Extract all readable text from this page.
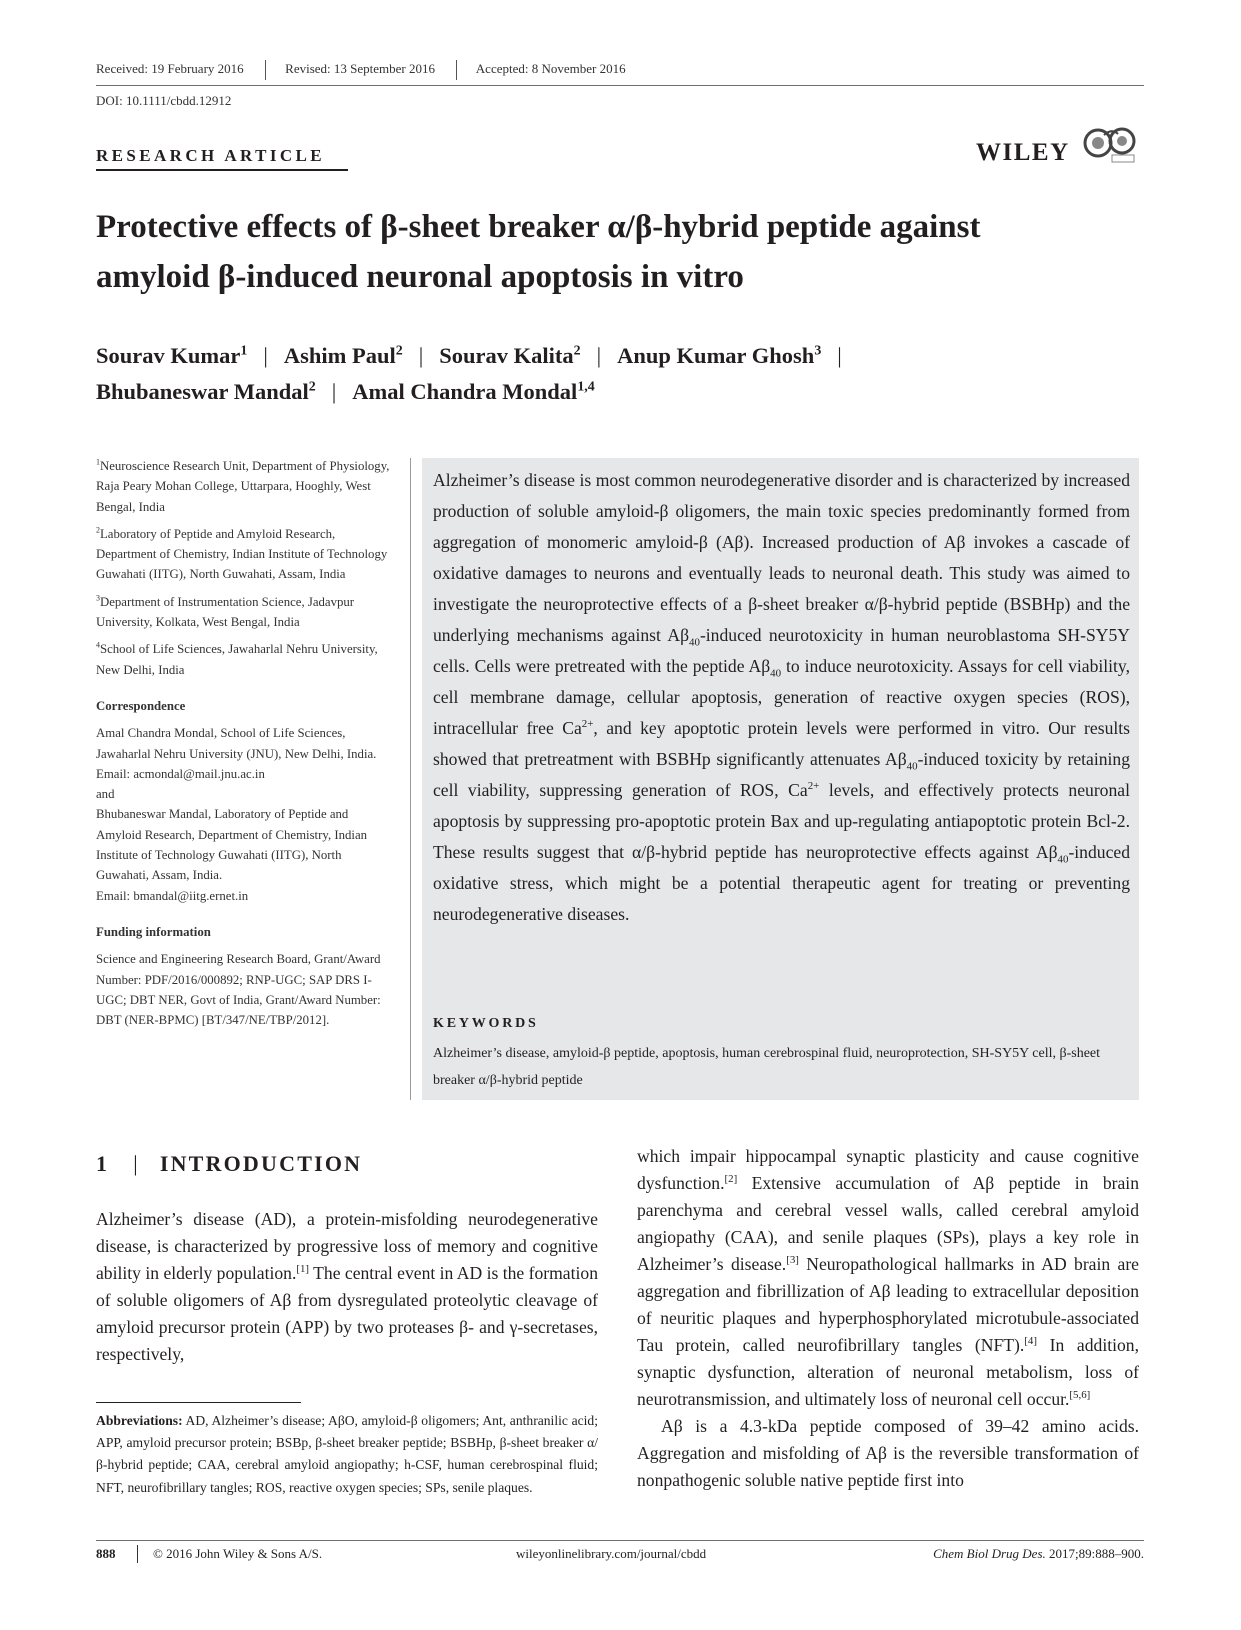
Received: 19 February 2016	Revised: 13 September 2016	Accepted: 8 November 2016
DOI: 10.1111/cbdd.12912
RESEARCH ARTICLE	WILEY
Protective effects of β-sheet breaker α/β-hybrid peptide against
amyloid β-induced neuronal apoptosis in vitro
Sourav Kumar$^1$ | Ashim Paul$^2$ | Sourav Kalita$^2$ | Anup Kumar Ghosh$^3$ |
Bhubaneswar Mandal$^2$ | Amal Chandra Mondal$^{1,4}$

$^1$Neuroscience Research Unit, Department of Physiology, Raja Peary Mohan College, Uttarpara, Hooghly, West Bengal, India

$^2$Laboratory of Peptide and Amyloid Research, Department of Chemistry, Indian Institute of Technology Guwahati (IITG), North Guwahati, Assam, India

$^3$Department of Instrumentation Science, Jadavpur University, Kolkata, West Bengal, India

$^4$School of Life Sciences, Jawaharlal Nehru University, New Delhi, India

Correspondence

Amal Chandra Mondal, School of Life Sciences, Jawaharlal Nehru University (JNU), New Delhi, India.

Email: acmondal@mail.jnu.ac.in

and

Bhubaneswar Mandal, Laboratory of Peptide and Amyloid Research, Department of Chemistry, Indian Institute of Technology Guwahati (IITG), North Guwahati, Assam, India.

Email: bmandal@iitg.ernet.in

Funding information

Science and Engineering Research Board, Grant/Award Number: PDF/2016/000892; RNP-UGC; SAP DRS I-UGC; DBT NER, Govt of India, Grant/Award Number: DBT (NER-BPMC) [BT/347/NE/TBP/2012].

Alzheimer’s disease is most common neurodegenerative disorder and is characterized by increased production of soluble amyloid-β oligomers, the main toxic species predominantly formed from aggregation of monomeric amyloid-β (Aβ). Increased production of Aβ invokes a cascade of oxidative damages to neurons and eventually leads to neuronal death. This study was aimed to investigate the neuroprotective effects of a β-sheet breaker α/β-hybrid peptide (BSBHp) and the underlying mechanisms against $A\beta_{40}$-induced neurotoxicity in human neuroblastoma SH-SY5Y cells. Cells were pretreated with the peptide $A\beta_{40}$ to induce neurotoxicity. Assays for cell viability, cell membrane damage, cellular apoptosis, generation of reactive oxygen species (ROS), intracellular free $Ca^{2+}$, and key apoptotic protein levels were performed in vitro. Our results showed that pretreatment with BSBHp significantly attenuates $A\beta_{40}$-induced toxicity by retaining cell viability, suppressing generation of ROS, $Ca^{2+}$ levels, and effectively protects neuronal apoptosis by suppressing pro-apoptotic protein Bax and up-regulating antiapoptotic protein Bcl-2. These results suggest that α/β-hybrid peptide has neuroprotective effects against $A\beta_{40}$-induced oxidative stress, which might be a potential therapeutic agent for treating or preventing neurodegenerative diseases.
KEYWORDS
Alzheimer’s disease, amyloid-β peptide, apoptosis, human cerebrospinal fluid, neuroprotection, SH-SY5Y cell, β-sheet breaker α/β-hybrid peptide
1 | INTRODUCTION
Alzheimer’s disease (AD), a protein-misfolding neurodegenerative disease, is characterized by progressive loss of memory and cognitive ability in elderly population.[1] The central event in AD is the formation of soluble oligomers of Aβ from dysregulated proteolytic cleavage of amyloid precursor protein (APP) by two proteases β- and γ-secretases, respectively,

which impair hippocampal synaptic plasticity and cause cognitive dysfunction.[2] Extensive accumulation of Aβ peptide in brain parenchyma and cerebral vessel walls, called cerebral amyloid angiopathy (CAA), and senile plaques (SPs), plays a key role in Alzheimer’s disease.[3] Neuropathological hallmarks in AD brain are aggregation and fibrillization of Aβ leading to extracellular deposition of neuritic plaques and hyperphosphorylated microtubule-associated Tau protein, called neurofibrillary tangles (NFT).[4] In addition, synaptic dysfunction, alteration of neuronal metabolism, loss of neurotransmission, and ultimately loss of neuronal cell occur.[5,6]

Aβ is a 4.3-kDa peptide composed of 39–42 amino acids. Aggregation and misfolding of Aβ is the reversible transformation of nonpathogenic soluble native peptide first into

Abbreviations: AD, Alzheimer’s disease; AβO, amyloid-β oligomers; Ant, anthranilic acid; APP, amyloid precursor protein; BSBp, β-sheet breaker peptide; BSBHp, β-sheet breaker α/β-hybrid peptide; CAA, cerebral amyloid angiopathy; h-CSF, human cerebrospinal fluid; NFT, neurofibrillary tangles; ROS, reactive oxygen species; SPs, senile plaques.
888	© 2016 John Wiley & Sons A/S.	wileyonlinelibrary.com/journal/cbdd	Chem Biol Drug Des. 2017;89:888–900.
